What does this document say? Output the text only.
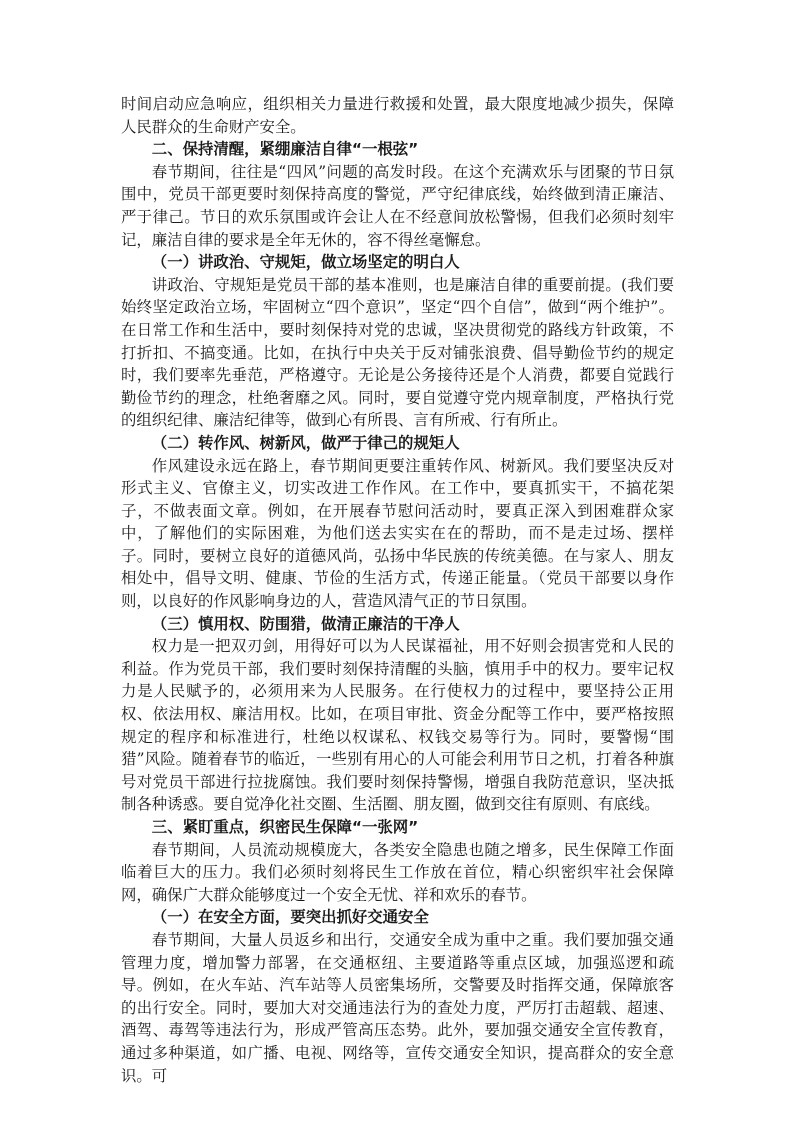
时间启动应急响应，组织相关力量进行救援和处置，最大限度地减少损失，保障人民群众的生命财产安全。

二、保持清醒，紧绷廉洁自律“一根弦”

春节期间，往往是“四风”问题的高发时段。在这个充满欢乐与团聚的节日氛围中，党员干部更要时刻保持高度的警觉，严守纪律底线，始终做到清正廉洁、严于律己。节日的欢乐氛围或许会让人在不经意间放松警惕，但我们必须时刻牢记，廉洁自律的要求是全年无休的，容不得丝毫懈怠。

（一）讲政治、守规矩，做立场坚定的明白人

讲政治、守规矩是党员干部的基本准则，也是廉洁自律的重要前提。(我们要始终坚定政治立场，牢固树立“四个意识”，坚定“四个自信”，做到“两个维护”。在日常工作和生活中，要时刻保持对党的忠诚，坚决贯彻党的路线方针政策，不打折扣、不搞变通。比如，在执行中央关于反对铺张浪费、倡导勤俭节约的规定时，我们要率先垂范，严格遵守。无论是公务接待还是个人消费，都要自觉践行勤俭节约的理念，杜绝奢靡之风。同时，要自觉遵守党内规章制度，严格执行党的组织纪律、廉洁纪律等，做到心有所畏、言有所戒、行有所止。

（二）转作风、树新风，做严于律己的规矩人

作风建设永远在路上，春节期间更要注重转作风、树新风。我们要坚决反对形式主义、官僚主义，切实改进工作作风。在工作中，要真抓实干，不搞花架子，不做表面文章。例如，在开展春节慰问活动时，要真正深入到困难群众家中，了解他们的实际困难，为他们送去实实在在的帮助，而不是走过场、摆样子。同时，要树立良好的道德风尚，弘扬中华民族的传统美德。在与家人、朋友相处中，倡导文明、健康、节俭的生活方式，传递正能量。（党员干部要以身作则，以良好的作风影响身边的人，营造风清气正的节日氛围。

（三）慎用权、防围猎，做清正廉洁的干净人

权力是一把双刃剑，用得好可以为人民谋福祉，用不好则会损害党和人民的利益。作为党员干部，我们要时刻保持清醒的头脑，慎用手中的权力。要牢记权力是人民赋予的，必须用来为人民服务。在行使权力的过程中，要坚持公正用权、依法用权、廉洁用权。比如，在项目审批、资金分配等工作中，要严格按照规定的程序和标准进行，杜绝以权谋私、权钱交易等行为。同时，要警惕“围猎”风险。随着春节的临近，一些别有用心的人可能会利用节日之机，打着各种旗号对党员干部进行拉拢腐蚀。我们要时刻保持警惕，增强自我防范意识，坚决抵制各种诱惑。要自觉净化社交圈、生活圈、朋友圈，做到交往有原则、有底线。

三、紧盯重点，织密民生保障“一张网”

春节期间，人员流动规模庞大，各类安全隐患也随之增多，民生保障工作面临着巨大的压力。我们必须时刻将民生工作放在首位，精心织密织牢社会保障网，确保广大群众能够度过一个安全无忧、祥和欢乐的春节。

（一）在安全方面，要突出抓好交通安全

春节期间，大量人员返乡和出行，交通安全成为重中之重。我们要加强交通管理力度，增加警力部署，在交通枢纽、主要道路等重点区域，加强巡逻和疏导。例如，在火车站、汽车站等人员密集场所，交警要及时指挥交通，保障旅客的出行安全。同时，要加大对交通违法行为的查处力度，严厉打击超载、超速、酒驾、毒驾等违法行为，形成严管高压态势。此外，要加强交通安全宣传教育，通过多种渠道，如广播、电视、网络等，宣传交通安全知识，提高群众的安全意识。可
